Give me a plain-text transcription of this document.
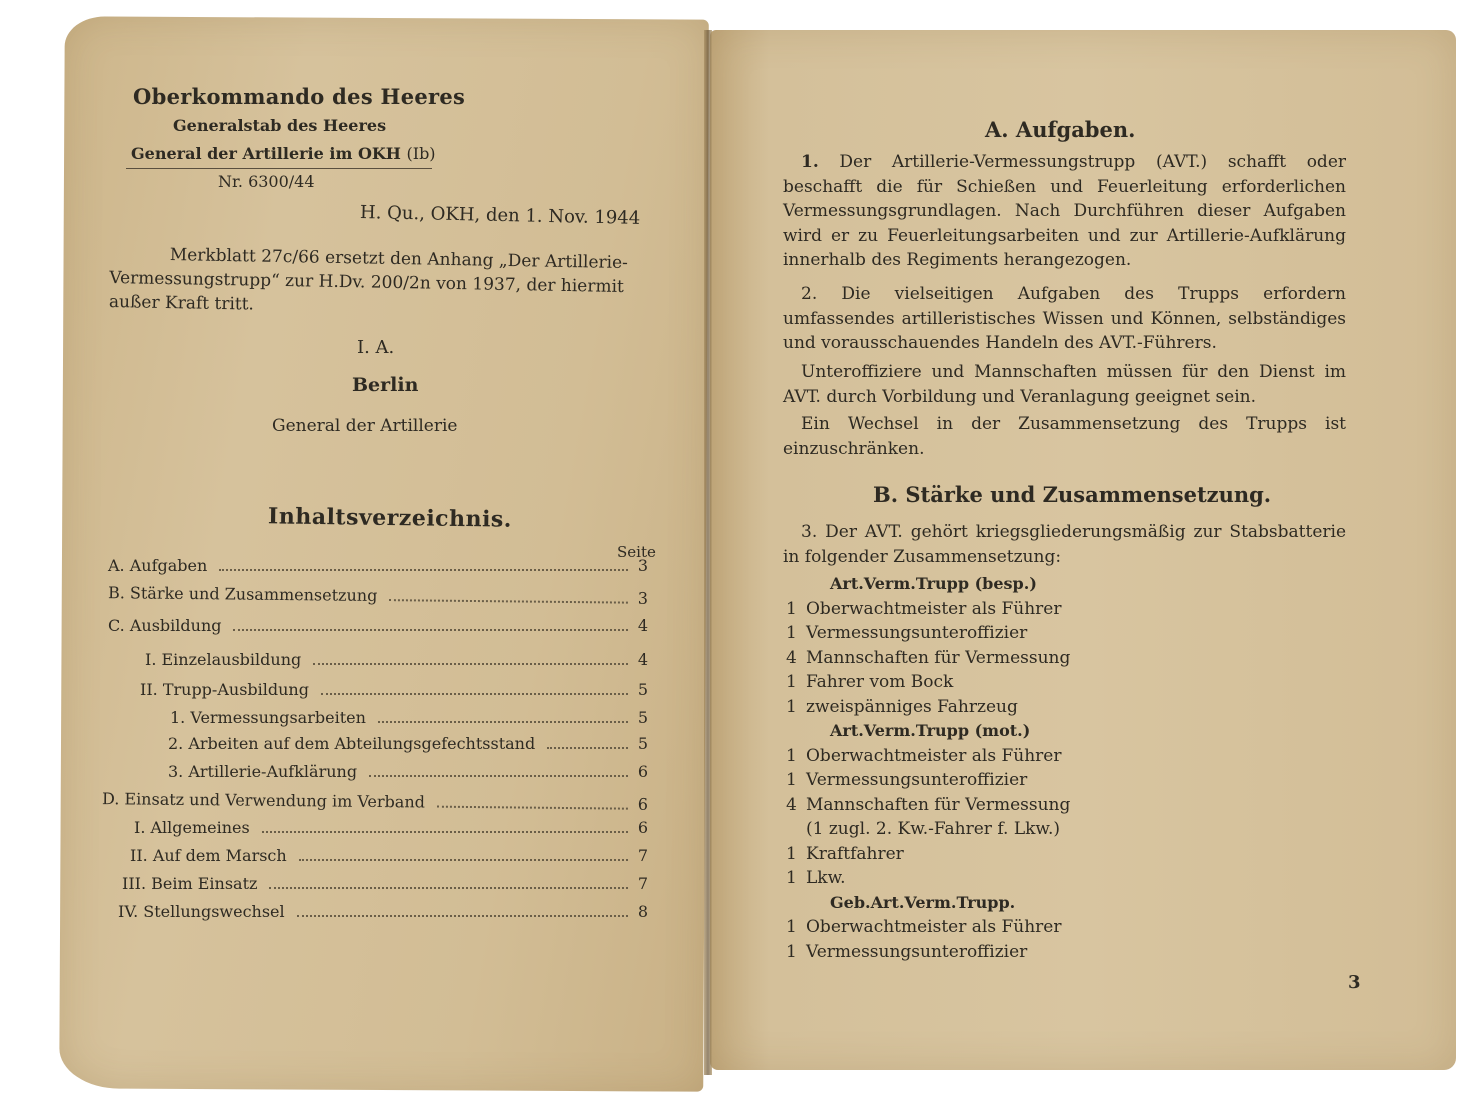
Oberkommando des Heeres
Generalstab des Heeres
General der Artillerie im OKH (Ib)
Nr. 6300/44
H. Qu., OKH, den 1. Nov. 1944
Merkblatt 27c/66 ersetzt den Anhang „Der Artillerie-Vermessungstrupp“ zur H.Dv. 200/2n von 1937, der hiermit außer Kraft tritt.
I. A.
Berlin
General der Artillerie
Inhaltsverzeichnis.
Seite
A. Aufgaben	3
B. Stärke und Zusammensetzung	3
C. Ausbildung	4
I. Einzelausbildung	4
II. Trupp-Ausbildung	5
1. Vermessungsarbeiten	5
2. Arbeiten auf dem Abteilungsgefechtsstand	5
3. Artillerie-Aufklärung	6
D. Einsatz und Verwendung im Verband	6
I. Allgemeines	6
II. Auf dem Marsch	7
III. Beim Einsatz	7
IV. Stellungswechsel	8
A. Aufgaben.
1. Der Artillerie-Vermessungstrupp (AVT.) schafft oder beschafft die für Schießen und Feuerleitung erforderlichen Vermessungsgrundlagen. Nach Durchführen dieser Aufgaben wird er zu Feuerleitungsarbeiten und zur Artillerie-Aufklärung innerhalb des Regiments herangezogen.
2. Die vielseitigen Aufgaben des Trupps erfordern umfassendes artilleristisches Wissen und Können, selbständiges und vorausschauendes Handeln des AVT.-Führers.
Unteroffiziere und Mannschaften müssen für den Dienst im AVT. durch Vorbildung und Veranlagung geeignet sein.
Ein Wechsel in der Zusammensetzung des Trupps ist einzuschränken.
B. Stärke und Zusammensetzung.
3. Der AVT. gehört kriegsgliederungsmäßig zur Stabsbatterie in folgender Zusammensetzung:
Art.Verm.Trupp (besp.)
1 Oberwachtmeister als Führer
1 Vermessungsunteroffizier
4 Mannschaften für Vermessung
1 Fahrer vom Bock
1 zweispänniges Fahrzeug
Art.Verm.Trupp (mot.)
1 Oberwachtmeister als Führer
1 Vermessungsunteroffizier
4 Mannschaften für Vermessung
(1 zugl. 2. Kw.-Fahrer f. Lkw.)
1 Kraftfahrer
1 Lkw.
Geb.Art.Verm.Trupp.
1 Oberwachtmeister als Führer
1 Vermessungsunteroffizier
3
